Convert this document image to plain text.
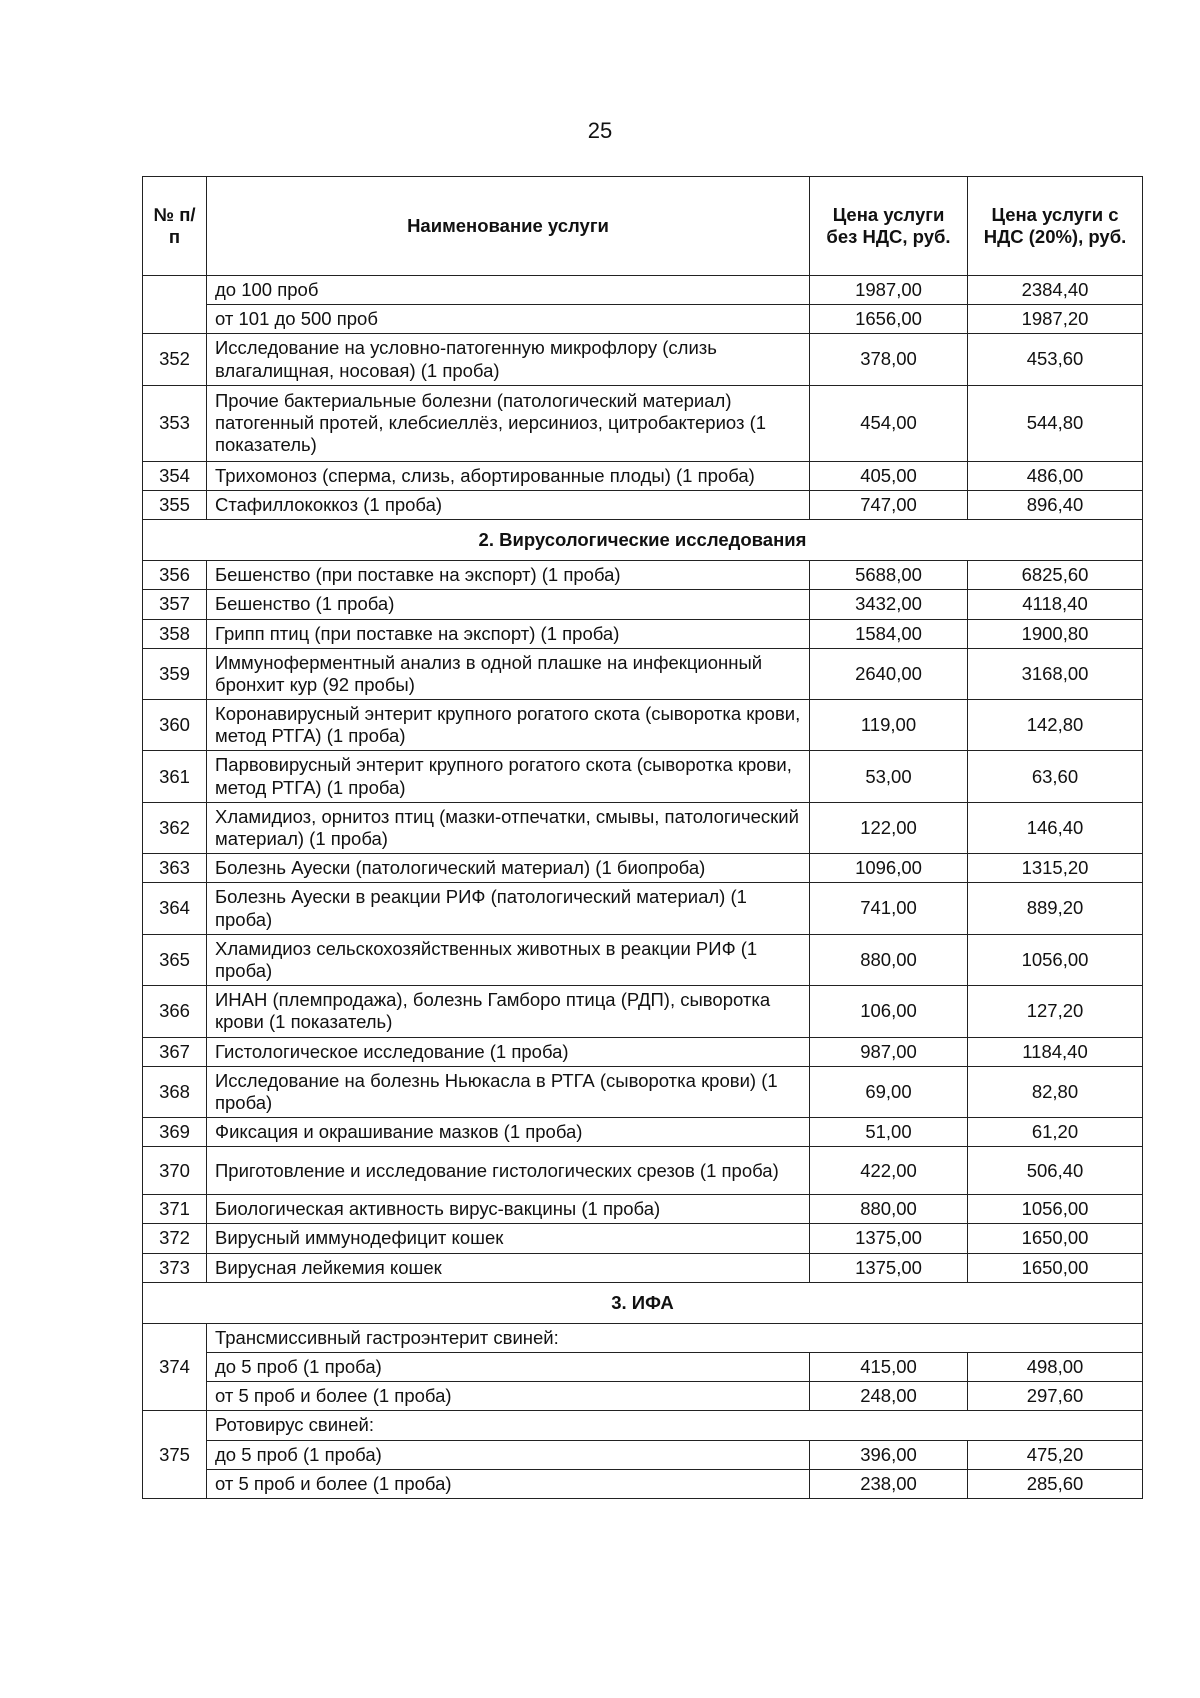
25
№ п/п	Наименование услуги	Цена услуги без НДС, руб.	Цена услуги с НДС (20%), руб.
	до 100 проб	1987,00	2384,40
	от 101 до 500 проб	1656,00	1987,20
352	Исследование на условно-патогенную микрофлору (слизь влагалищная, носовая) (1 проба)	378,00	453,60
353	Прочие бактериальные болезни (патологический материал) патогенный протей, клебсиеллёз, иерсиниоз, цитробактериоз (1 показатель)	454,00	544,80
354	Трихомоноз (сперма, слизь, абортированные плоды) (1 проба)	405,00	486,00
355	Стафиллококкоз (1 проба)	747,00	896,40
2. Вирусологические исследования			
356	Бешенство (при поставке на экспорт) (1 проба)	5688,00	6825,60
357	Бешенство (1 проба)	3432,00	4118,40
358	Грипп птиц (при поставке на экспорт) (1 проба)	1584,00	1900,80
359	Иммуноферментный анализ в одной плашке на инфекционный бронхит кур (92 пробы)	2640,00	3168,00
360	Коронавирусный энтерит крупного рогатого скота (сыворотка крови, метод РТГА) (1 проба)	119,00	142,80
361	Парвовирусный энтерит крупного рогатого скота (сыворотка крови, метод РТГА) (1 проба)	53,00	63,60
362	Хламидиоз, орнитоз птиц (мазки-отпечатки, смывы, патологический материал) (1 проба)	122,00	146,40
363	Болезнь Ауески (патологический материал) (1 биопроба)	1096,00	1315,20
364	Болезнь Ауески в реакции РИФ (патологический материал) (1 проба)	741,00	889,20
365	Хламидиоз сельскохозяйственных животных в реакции РИФ (1 проба)	880,00	1056,00
366	ИНАН (племпродажа), болезнь Гамборо птица (РДП), сыворотка крови (1 показатель)	106,00	127,20
367	Гистологическое исследование (1 проба)	987,00	1184,40
368	Исследование на болезнь Ньюкасла в РТГА (сыворотка крови) (1 проба)	69,00	82,80
369	Фиксация и окрашивание мазков (1 проба)	51,00	61,20
370	Приготовление и исследование гистологических срезов (1 проба)	422,00	506,40
371	Биологическая активность вирус-вакцины (1 проба)	880,00	1056,00
372	Вирусный иммунодефицит кошек	1375,00	1650,00
373	Вирусная лейкемия кошек	1375,00	1650,00
3. ИФА			
374	Трансмиссивный гастроэнтерит свиней:		
	до 5 проб (1 проба)	415,00	498,00
	от 5 проб и более (1 проба)	248,00	297,60
375	Ротовирус свиней:		
	до 5 проб (1 проба)	396,00	475,20
	от 5 проб и более (1 проба)	238,00	285,60
